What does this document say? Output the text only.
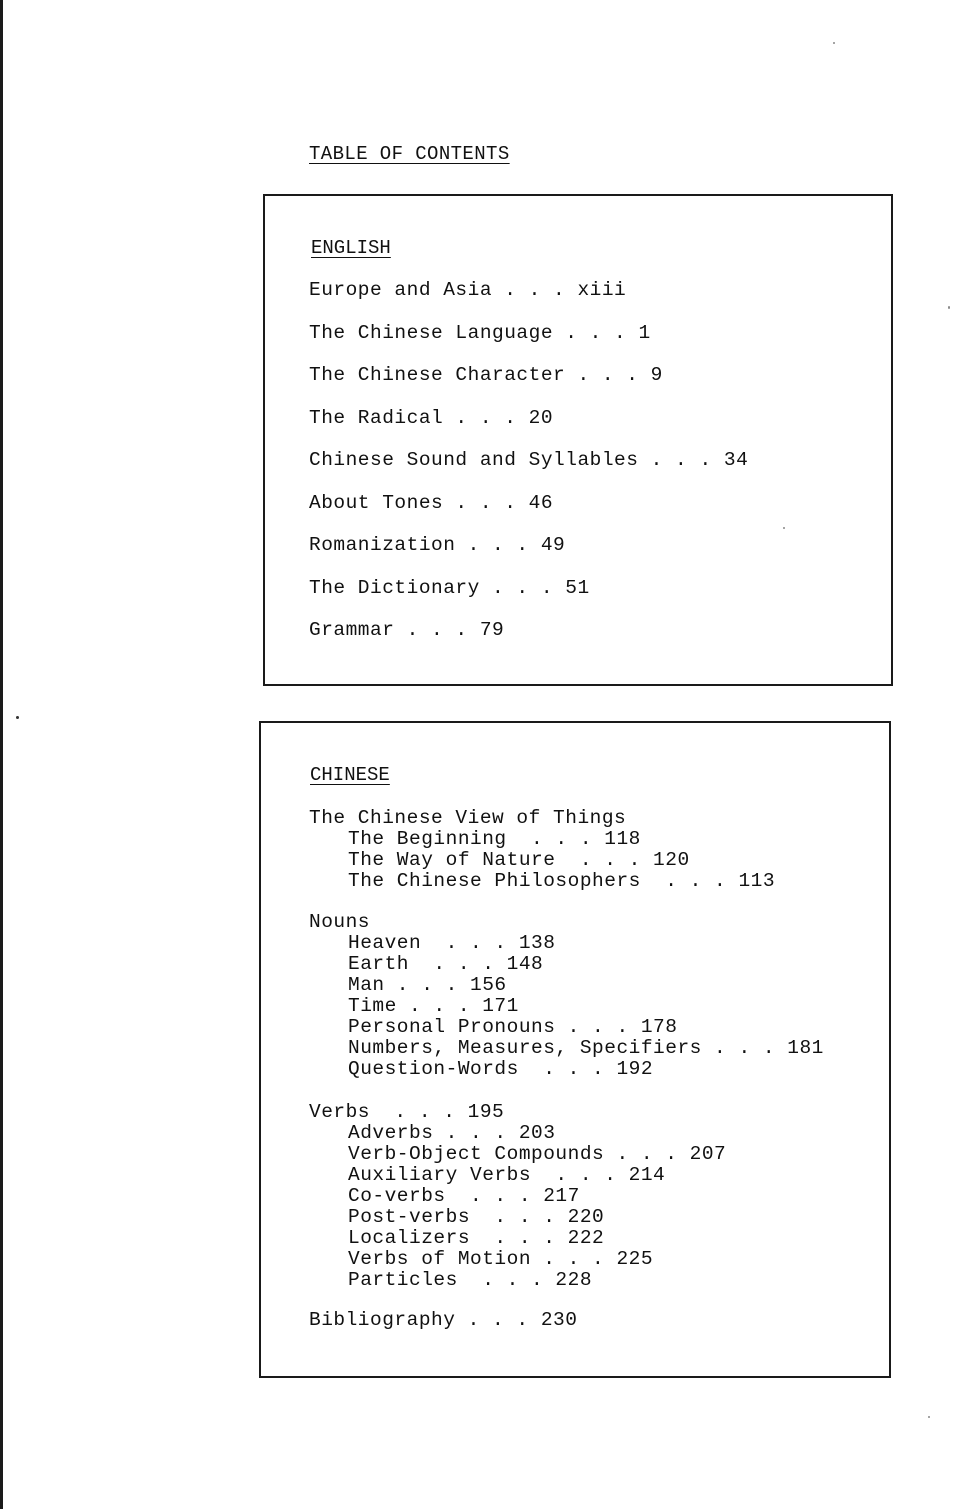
TABLE OF CONTENTS
ENGLISH
Europe and Asia . . . xiii
The Chinese Language . . . 1
The Chinese Character . . . 9
The Radical . . . 20
Chinese Sound and Syllables . . . 34
About Tones . . . 46
Romanization . . . 49
The Dictionary . . . 51
Grammar . . . 79
CHINESE
The Chinese View of Things
The Beginning  . . . 118
The Way of Nature  . . . 120
The Chinese Philosophers  . . . 113
Nouns
Heaven  . . . 138
Earth  . . . 148
Man . . . 156
Time . . . 171
Personal Pronouns . . . 178
Numbers, Measures, Specifiers . . . 181
Question-Words  . . . 192
Verbs  . . . 195
Adverbs . . . 203
Verb-Object Compounds . . . 207
Auxiliary Verbs  . . . 214
Co-verbs  . . . 217
Post-verbs  . . . 220
Localizers  . . . 222
Verbs of Motion . . . 225
Particles  . . . 228
Bibliography . . . 230
